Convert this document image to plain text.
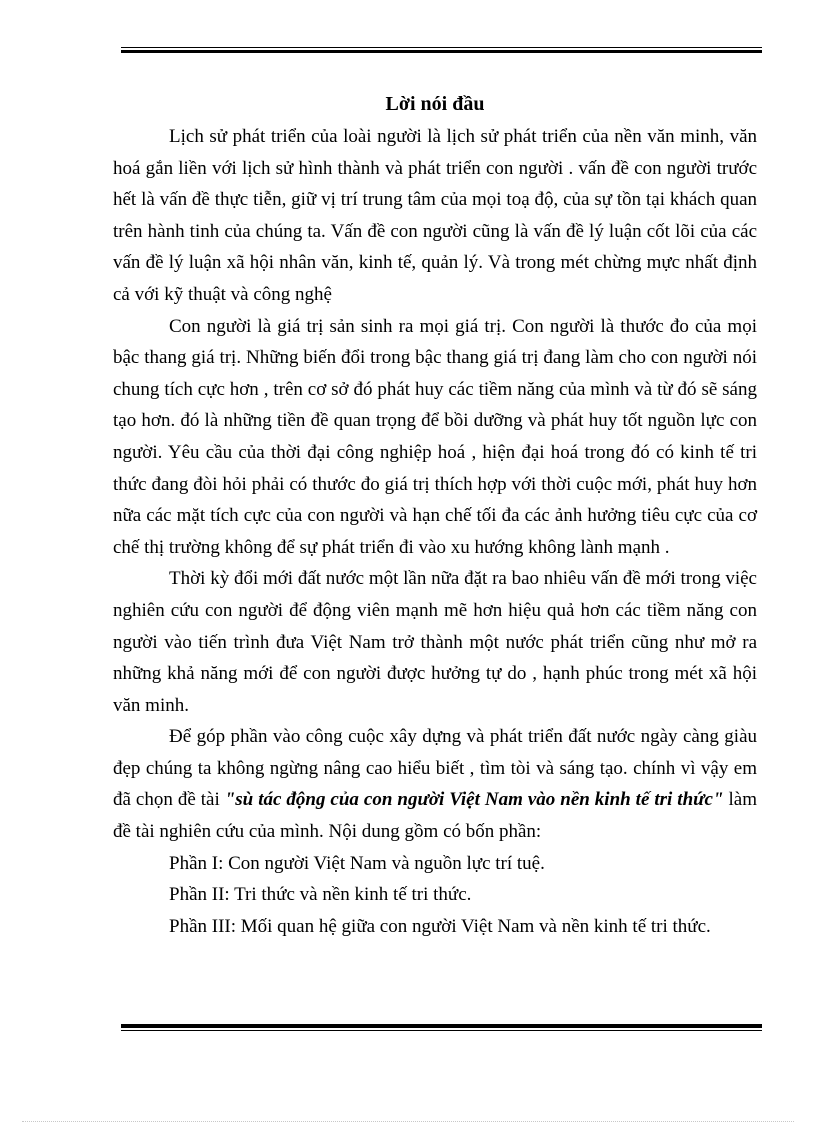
Lời nói đầu

Lịch sử phát triển của loài người là lịch sử phát triển của nền văn minh, văn hoá gắn liền với lịch sử hình thành và phát triển con người . vấn đề con người trước hết là vấn đề thực tiễn, giữ vị trí trung tâm của mọi toạ độ, của sự tồn tại khách quan trên hành tinh của chúng ta. Vấn đề con người cũng là vấn đề lý luận cốt lõi của các vấn đề lý luận xã hội nhân văn, kinh tế, quản lý. Và trong mét chừng mực nhất định cả với kỹ thuật và công nghệ

Con người là giá trị sản sinh ra mọi giá trị. Con người là thước đo của mọi bậc thang giá trị. Những biến đổi trong bậc thang giá trị đang làm cho con người nói chung tích cực hơn , trên cơ sở đó phát huy các tiềm năng của mình và từ đó sẽ sáng tạo hơn. đó là những tiền đề quan trọng để bồi dưỡng và phát huy tốt nguồn lực con người. Yêu cầu của thời đại công nghiệp hoá , hiện đại hoá trong đó có kinh tế tri thức đang đòi hỏi phải có thước đo giá trị thích hợp với thời cuộc mới, phát huy hơn nữa các mặt tích cực của con người và hạn chế tối đa các ảnh hưởng tiêu cực của cơ chế thị trường không để sự phát triển đi vào xu hướng không lành mạnh .

Thời kỳ đổi mới đất nước một lần nữa đặt ra bao nhiêu vấn đề mới trong việc nghiên cứu con người để động viên mạnh mẽ hơn hiệu quả hơn các tiềm năng con người vào tiến trình đưa Việt Nam trở thành một nước phát triển cũng như mở ra những khả năng mới để con người được hưởng tự do , hạnh phúc trong mét xã hội văn minh.

Để góp phần vào công cuộc xây dựng và phát triển đất nước ngày càng giàu đẹp chúng ta không ngừng nâng cao hiểu biết , tìm tòi và sáng tạo. chính vì vậy em đã chọn đề tài "sù tác động của con người Việt Nam vào nền kinh tế tri thức" làm đề tài nghiên cứu của mình. Nội dung gồm có bốn phần:

Phần I: Con người Việt Nam và nguồn lực trí tuệ.

Phần II: Tri thức và nền kinh tế tri thức.

Phần III: Mối quan hệ giữa con người Việt Nam và nền kinh tế tri thức.
